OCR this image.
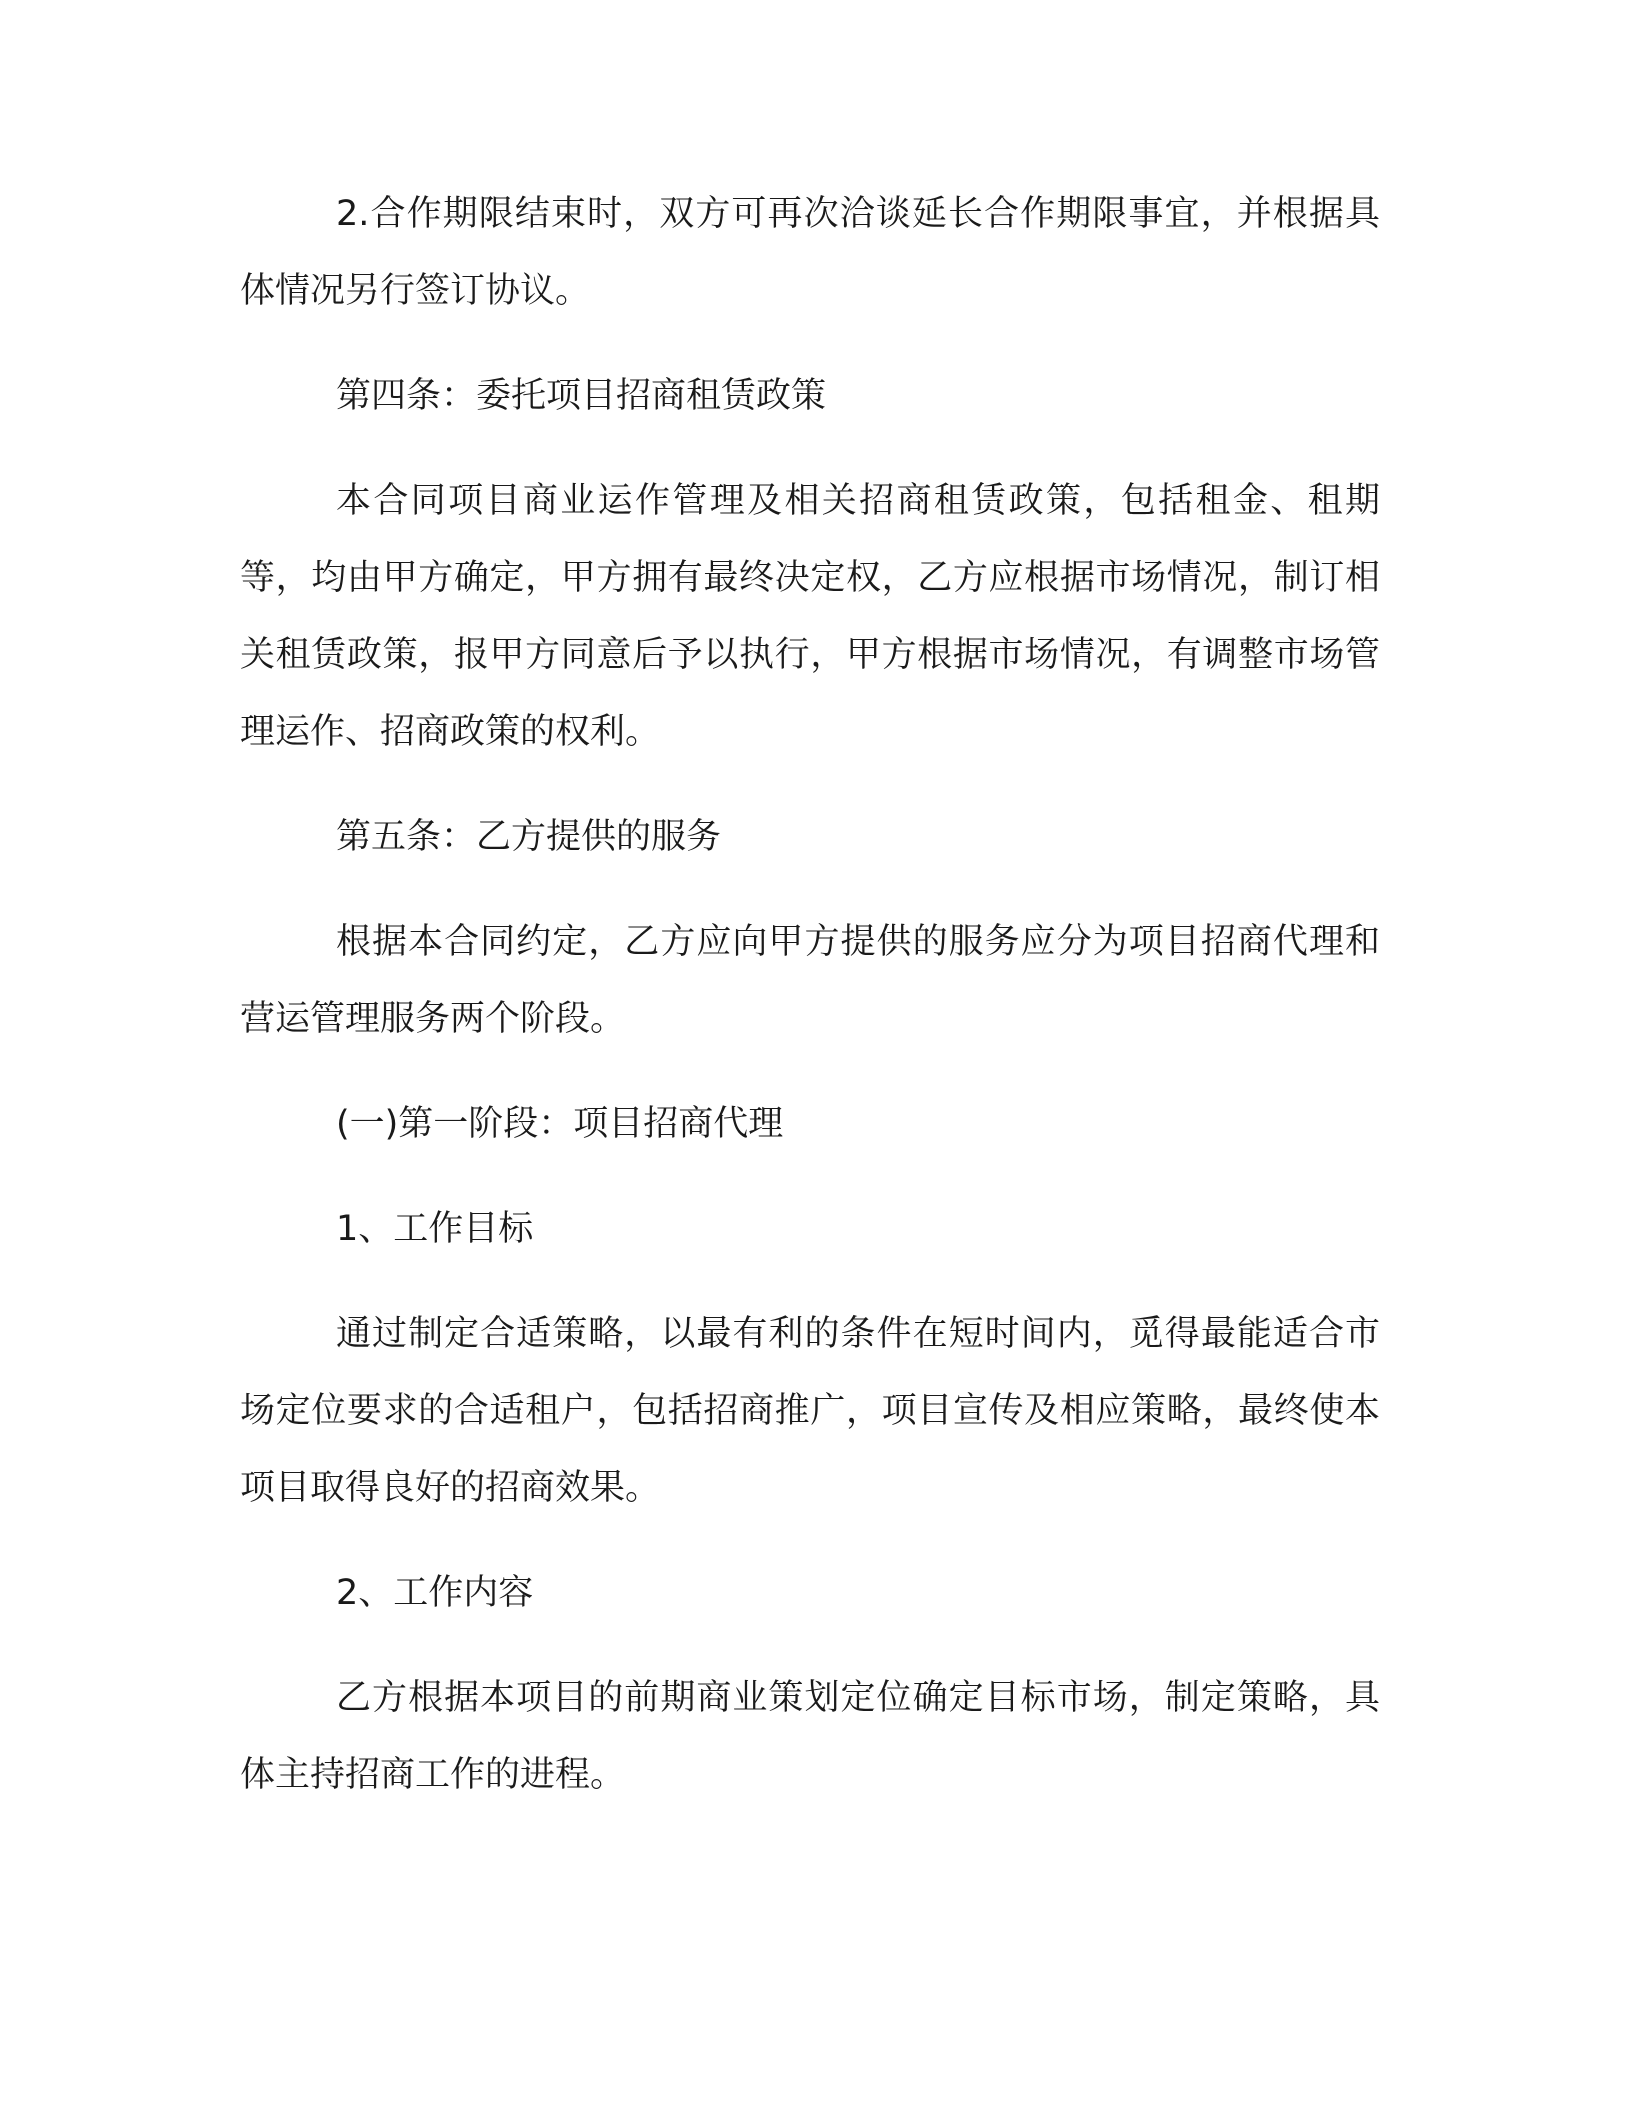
2.合作期限结束时，双方可再次洽谈延长合作期限事宜，并根据具体情况另行签订协议。

第四条：委托项目招商租赁政策

本合同项目商业运作管理及相关招商租赁政策，包括租金、租期等，均由甲方确定，甲方拥有最终决定权，乙方应根据市场情况，制订相关租赁政策，报甲方同意后予以执行，甲方根据市场情况，有调整市场管理运作、招商政策的权利。

第五条：乙方提供的服务

根据本合同约定，乙方应向甲方提供的服务应分为项目招商代理和营运管理服务两个阶段。

(一)第一阶段：项目招商代理

1、工作目标

通过制定合适策略，以最有利的条件在短时间内，觅得最能适合市场定位要求的合适租户，包括招商推广，项目宣传及相应策略，最终使本项目取得良好的招商效果。

2、工作内容

乙方根据本项目的前期商业策划定位确定目标市场，制定策略，具体主持招商工作的进程。
